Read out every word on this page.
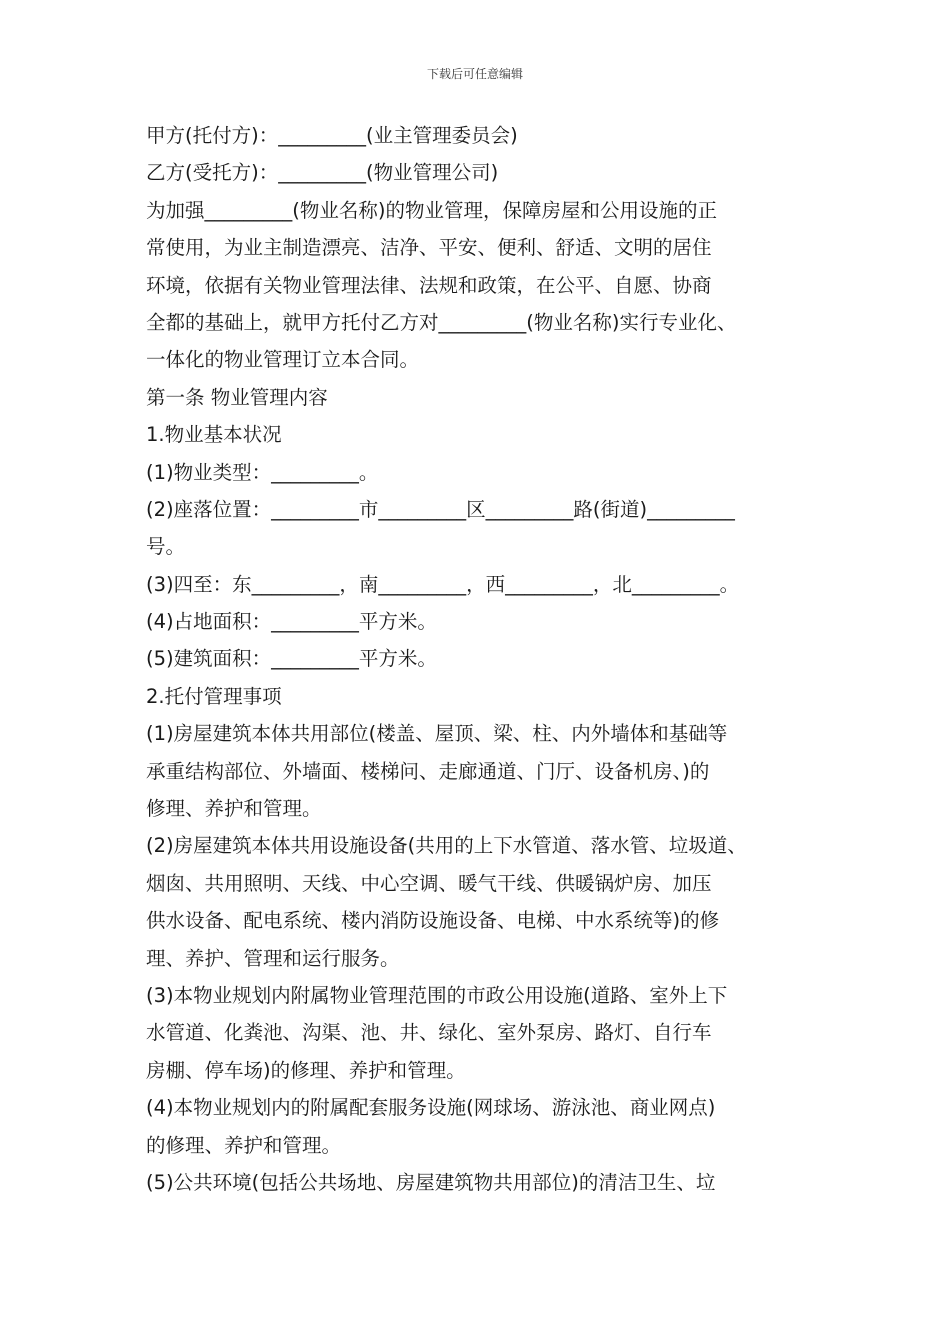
下载后可任意编辑
甲方(托付方)：_________(业主管理委员会)
乙方(受托方)：_________(物业管理公司)
为加强_________(物业名称)的物业管理，保障房屋和公用设施的正
常使用，为业主制造漂亮、洁净、平安、便利、舒适、文明的居住
环境，依据有关物业管理法律、法规和政策，在公平、自愿、协商
全都的基础上，就甲方托付乙方对_________(物业名称)实行专业化、
一体化的物业管理订立本合同。
第一条 物业管理内容
1.物业基本状况
(1)物业类型：_________。
(2)座落位置：_________市_________区_________路(街道)_________
号。
(3)四至：东_________，南_________，西_________，北_________。
(4)占地面积：_________平方米。
(5)建筑面积：_________平方米。
2.托付管理事项
(1)房屋建筑本体共用部位(楼盖、屋顶、梁、柱、内外墙体和基础等
承重结构部位、外墙面、楼梯问、走廊通道、门厅、设备机房、)的
修理、养护和管理。
(2)房屋建筑本体共用设施设备(共用的上下水管道、落水管、垃圾道、
烟囱、共用照明、天线、中心空调、暖气干线、供暖锅炉房、加压
供水设备、配电系统、楼内消防设施设备、电梯、中水系统等)的修
理、养护、管理和运行服务。
(3)本物业规划内附属物业管理范围的市政公用设施(道路、室外上下
水管道、化粪池、沟渠、池、井、绿化、室外泵房、路灯、自行车
房棚、停车场)的修理、养护和管理。
(4)本物业规划内的附属配套服务设施(网球场、游泳池、商业网点)
的修理、养护和管理。
(5)公共环境(包括公共场地、房屋建筑物共用部位)的清洁卫生、垃
